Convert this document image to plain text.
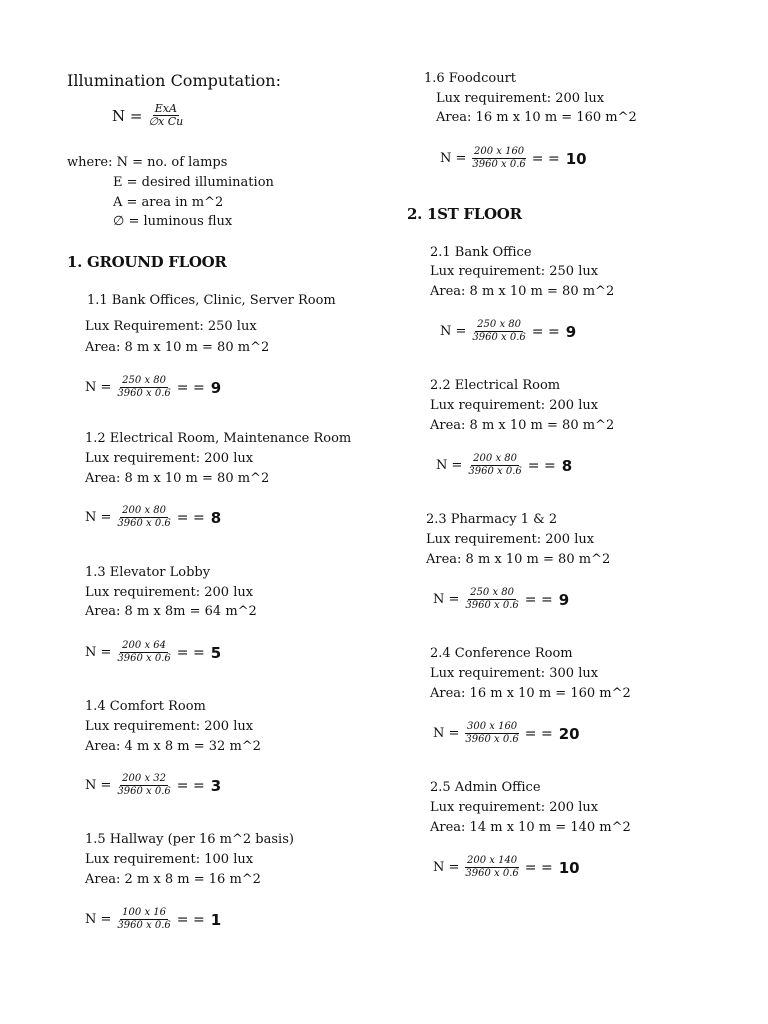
Illumination Computation:
$N = \frac{\text{ExA}}{\text{∅x Cu}}$
where: N = no. of lamps
E = desired illumination
A = area in m^2
∅ = luminous flux
1. GROUND FLOOR
1.1 Bank Offices, Clinic, Server Room
Lux Requirement: 250 lux
Area: 8 m x 10 m = 80 m^2
$N = \frac{250 x 80}{3960 x 0.6}$ = = 9
1.2 Electrical Room, Maintenance Room
Lux requirement: 200 lux
Area: 8 m x 10 m = 80 m^2
$N = \frac{200 x 80}{3960 x 0.6}$ = = 8
1.3 Elevator Lobby
Lux requirement: 200 lux
Area: 8 m x 8m = 64 m^2
$N = \frac{200 x 64}{3960 x 0.6}$ = = 5
1.4 Comfort Room
Lux requirement: 200 lux
Area: 4 m x 8 m = 32 m^2
$N = \frac{200 x 32}{3960 x 0.6}$ = = 3
1.5 Hallway (per 16 m^2 basis)
Lux requirement: 100 lux
Area: 2 m x 8 m = 16 m^2
$N = \frac{100 x 16}{3960 x 0.6}$ = = 1
1.6 Foodcourt
Lux requirement: 200 lux
Area: 16 m x 10 m = 160 m^2
$N = \frac{200 x 160}{3960 x 0.6}$ = = 10
2. 1ST FLOOR
2.1 Bank Office
Lux requirement: 250 lux
Area: 8 m x 10 m = 80 m^2
$N = \frac{250 x 80}{3960 x 0.6}$ = = 9
2.2 Electrical Room
Lux requirement: 200 lux
Area: 8 m x 10 m = 80 m^2
$N = \frac{200 x 80}{3960 x 0.6}$ = = 8
2.3 Pharmacy 1 & 2
Lux requirement: 200 lux
Area: 8 m x 10 m = 80 m^2
$N = \frac{250 x 80}{3960 x 0.6}$ = = 9
2.4 Conference Room
Lux requirement: 300 lux
Area: 16 m x 10 m = 160 m^2
$N = \frac{300 x 160}{3960 x 0.6}$ = = 20
2.5 Admin Office
Lux requirement: 200 lux
Area: 14 m x 10 m = 140 m^2
$N = \frac{200 x 140}{3960 x 0.6}$ = = 10
